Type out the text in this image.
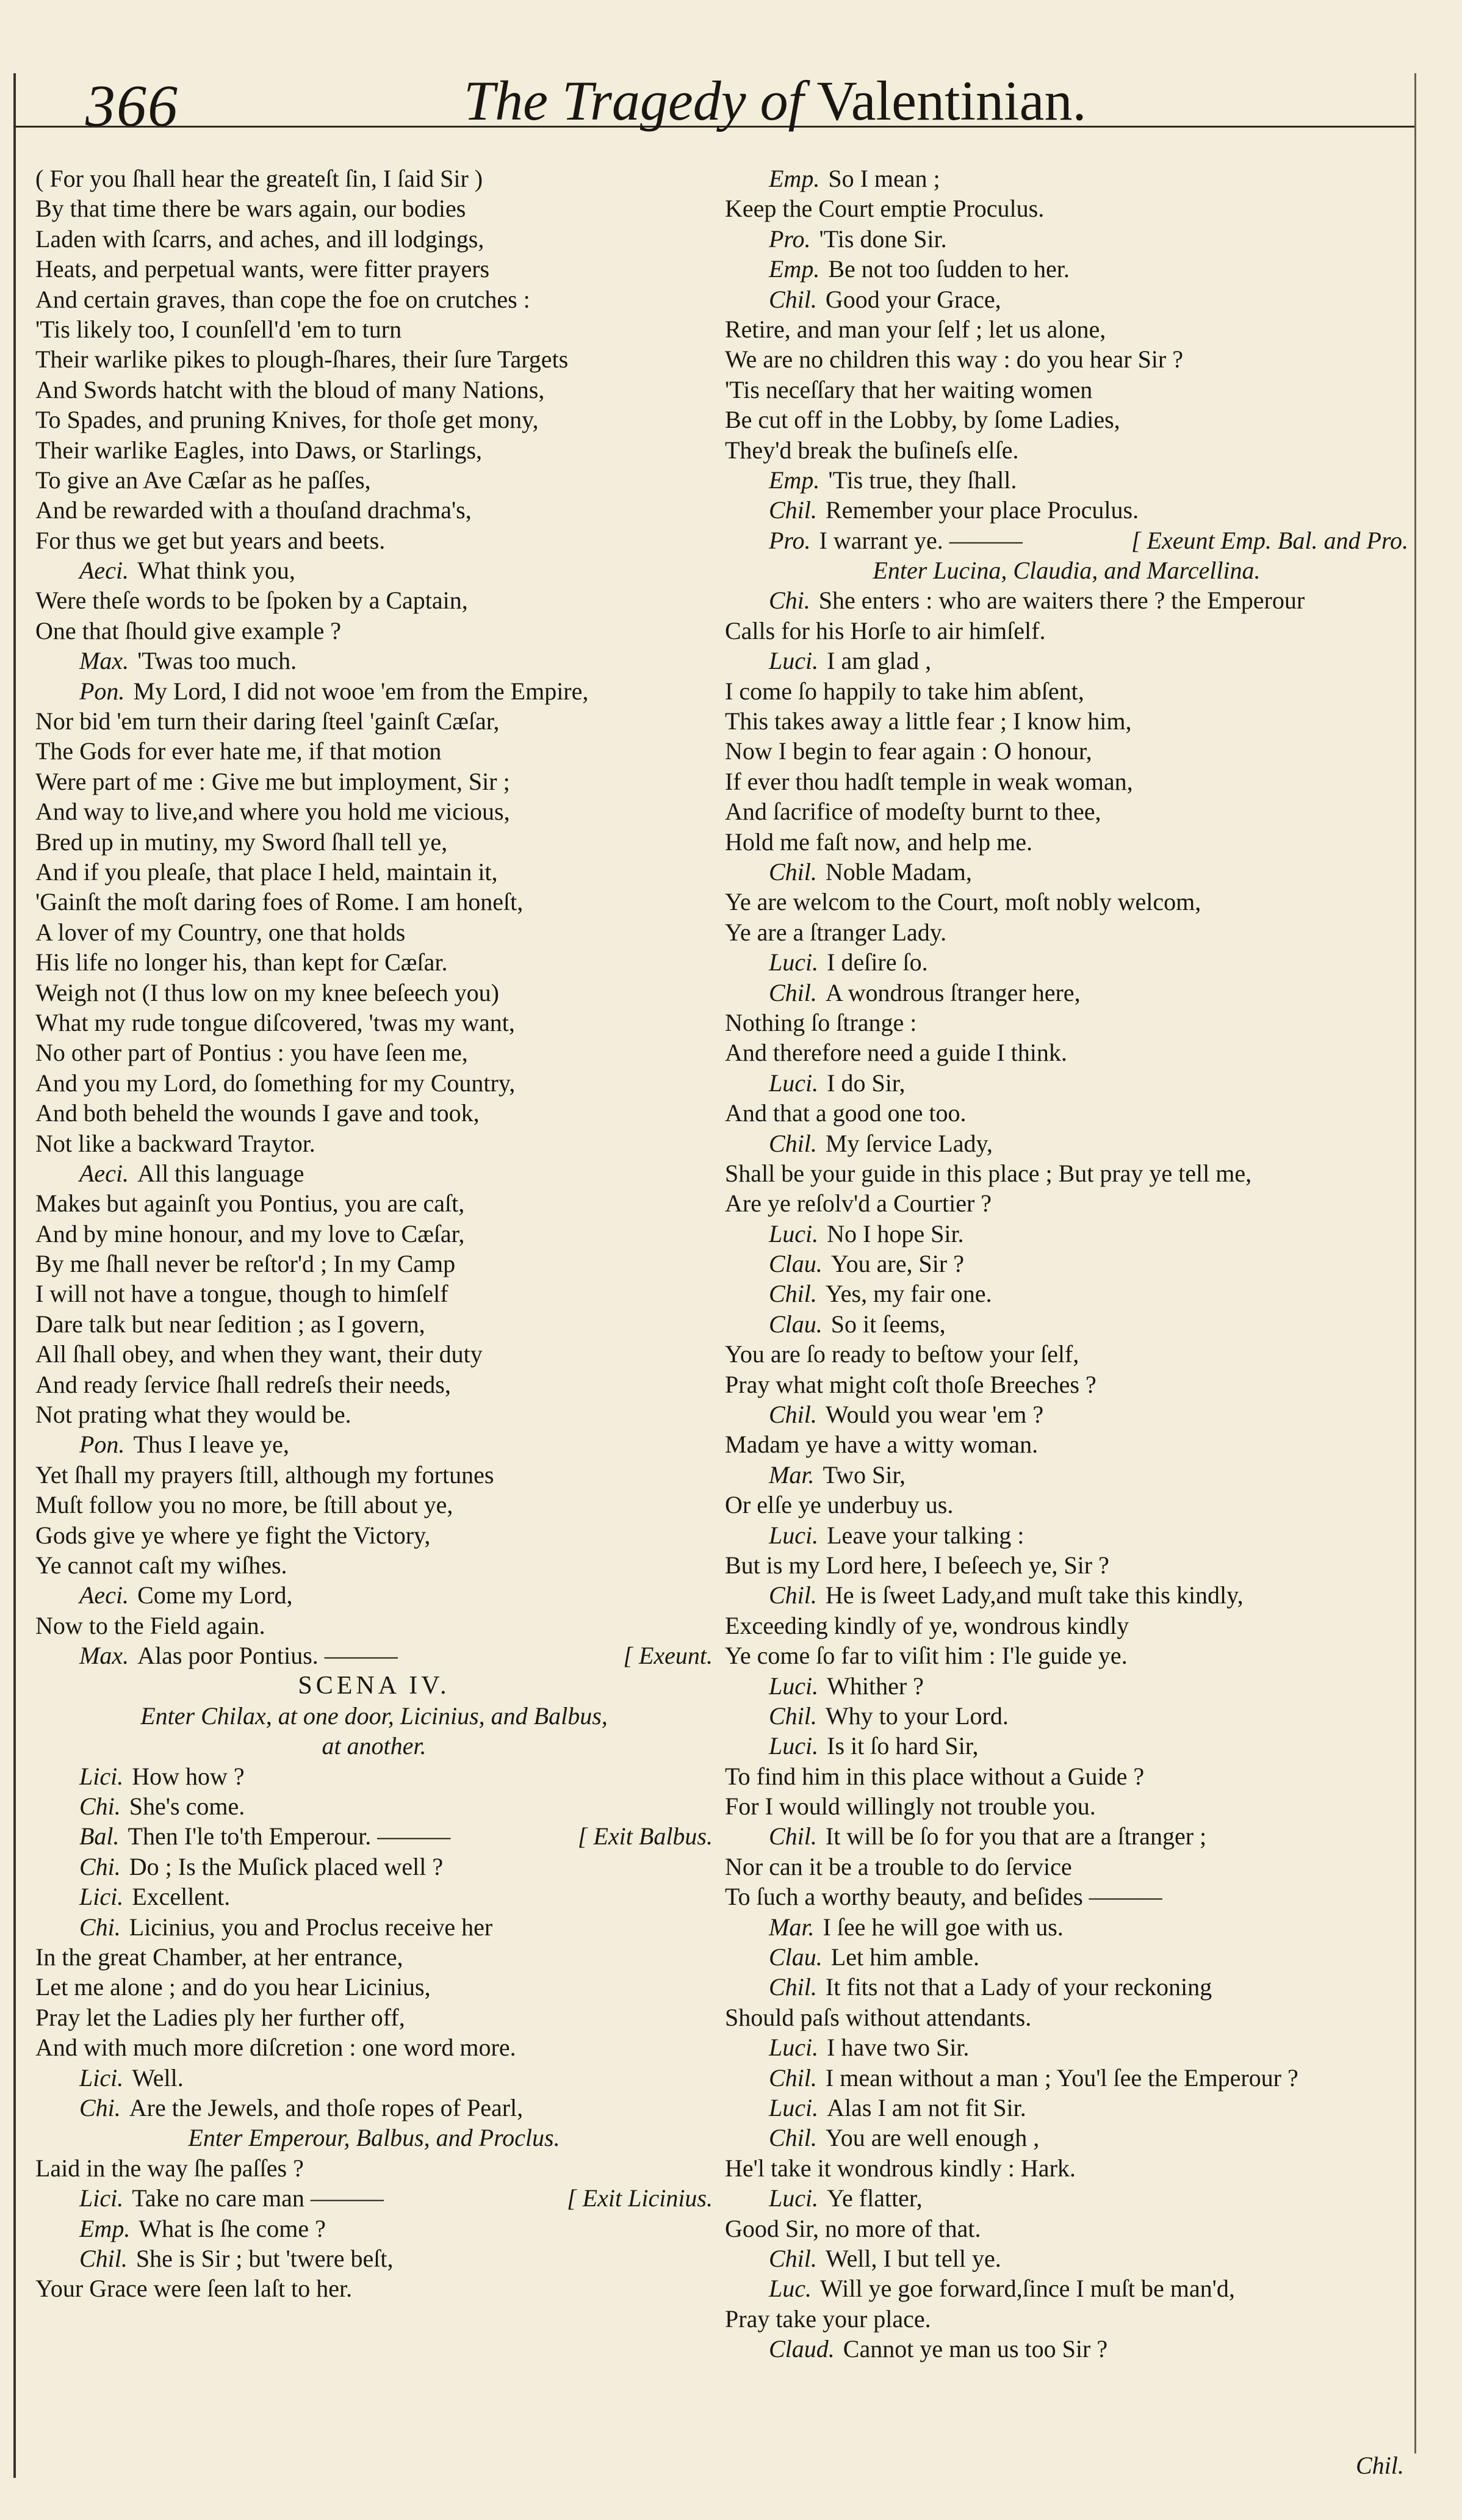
366	The Tragedy of Valentinian.
( For you ſhall hear the greateſt ſin, I ſaid Sir )
By that time there be wars again, our bodies
Laden with ſcarrs, and aches, and ill lodgings,
Heats, and perpetual wants, were fitter prayers
And certain graves, than cope the foe on crutches :
'Tis likely too, I counſell'd 'em to turn
Their warlike pikes to plough-ſhares, their ſure Targets
And Swords hatcht with the bloud of many Nations,
To Spades, and pruning Knives, for thoſe get mony,
Their warlike Eagles, into Daws, or Starlings,
To give an Ave Cæſar as he paſſes,
And be rewarded with a thouſand drachma's,
For thus we get but years and beets.
Aeci. What think you,
Were theſe words to be ſpoken by a Captain,
One that ſhould give example ?
Max. 'Twas too much.
Pon. My Lord, I did not wooe 'em from the Empire,
Nor bid 'em turn their daring ſteel 'gainſt Cæſar,
The Gods for ever hate me, if that motion
Were part of me : Give me but imployment, Sir ;
And way to live,and where you hold me vicious,
Bred up in mutiny, my Sword ſhall tell ye,
And if you pleaſe, that place I held, maintain it,
'Gainſt the moſt daring foes of Rome. I am honeſt,
A lover of my Country, one that holds
His life no longer his, than kept for Cæſar.
Weigh not (I thus low on my knee beſeech you)
What my rude tongue diſcovered, 'twas my want,
No other part of Pontius : you have ſeen me,
And you my Lord, do ſomething for my Country,
And both beheld the wounds I gave and took,
Not like a backward Traytor.
Aeci. All this language
Makes but againſt you Pontius, you are caſt,
And by mine honour, and my love to Cæſar,
By me ſhall never be reſtor'd ; In my Camp
I will not have a tongue, though to himſelf
Dare talk but near ſedition ; as I govern,
All ſhall obey, and when they want, their duty
And ready ſervice ſhall redreſs their needs,
Not prating what they would be.
Pon. Thus I leave ye,
Yet ſhall my prayers ſtill, although my fortunes
Muſt follow you no more, be ſtill about ye,
Gods give ye where ye fight the Victory,
Ye cannot caſt my wiſhes.
Aeci. Come my Lord,
Now to the Field again.
Max. Alas poor Pontius. ———	[ Exeunt.
SCENA IV.
Enter Chilax, at one door, Licinius, and Balbus,
at another.
Lici. How how ?
Chi. She's come.
Bal. Then I'le to'th Emperour. ———	[ Exit Balbus.
Chi. Do ; Is the Muſick placed well ?
Lici. Excellent.
Chi. Licinius, you and Proclus receive her
In the great Chamber, at her entrance,
Let me alone ; and do you hear Licinius,
Pray let the Ladies ply her further off,
And with much more diſcretion : one word more.
Lici. Well.
Chi. Are the Jewels, and thoſe ropes of Pearl,
Enter Emperour, Balbus, and Proclus.
Laid in the way ſhe paſſes ?
Lici. Take no care man ———	[ Exit Licinius.
Emp. What is ſhe come ?
Chil. She is Sir ; but 'twere beſt,
Your Grace were ſeen laſt to her.
Emp. So I mean ;
Keep the Court emptie Proculus.
Pro. 'Tis done Sir.
Emp. Be not too ſudden to her.
Chil. Good your Grace,
Retire, and man your ſelf ; let us alone,
We are no children this way : do you hear Sir ?
'Tis neceſſary that her waiting women
Be cut off in the Lobby, by ſome Ladies,
They'd break the buſineſs elſe.
Emp. 'Tis true, they ſhall.
Chil. Remember your place Proculus.
Pro. I warrant ye. ———	[ Exeunt Emp. Bal. and Pro.
Enter Lucina, Claudia, and Marcellina.
Chi. She enters : who are waiters there ? the Emperour
Calls for his Horſe to air himſelf.
Luci. I am glad ,
I come ſo happily to take him abſent,
This takes away a little fear ; I know him,
Now I begin to fear again : O honour,
If ever thou hadſt temple in weak woman,
And ſacrifice of modeſty burnt to thee,
Hold me faſt now, and help me.
Chil. Noble Madam,
Ye are welcom to the Court, moſt nobly welcom,
Ye are a ſtranger Lady.
Luci. I deſire ſo.
Chil. A wondrous ſtranger here,
Nothing ſo ſtrange :
And therefore need a guide I think.
Luci. I do Sir,
And that a good one too.
Chil. My ſervice Lady,
Shall be your guide in this place ; But pray ye tell me,
Are ye reſolv'd a Courtier ?
Luci. No I hope Sir.
Clau. You are, Sir ?
Chil. Yes, my fair one.
Clau. So it ſeems,
You are ſo ready to beſtow your ſelf,
Pray what might coſt thoſe Breeches ?
Chil. Would you wear 'em ?
Madam ye have a witty woman.
Mar. Two Sir,
Or elſe ye underbuy us.
Luci. Leave your talking :
But is my Lord here, I beſeech ye, Sir ?
Chil. He is ſweet Lady,and muſt take this kindly,
Exceeding kindly of ye, wondrous kindly
Ye come ſo far to viſit him : I'le guide ye.
Luci. Whither ?
Chil. Why to your Lord.
Luci. Is it ſo hard Sir,
To find him in this place without a Guide ?
For I would willingly not trouble you.
Chil. It will be ſo for you that are a ſtranger ;
Nor can it be a trouble to do ſervice
To ſuch a worthy beauty, and beſides ———
Mar. I ſee he will goe with us.
Clau. Let him amble.
Chil. It fits not that a Lady of your reckoning
Should paſs without attendants.
Luci. I have two Sir.
Chil. I mean without a man ; You'l ſee the Emperour ?
Luci. Alas I am not fit Sir.
Chil. You are well enough ,
He'l take it wondrous kindly : Hark.
Luci. Ye flatter,
Good Sir, no more of that.
Chil. Well, I but tell ye.
Luc. Will ye goe forward,ſince I muſt be man'd,
Pray take your place.
Claud. Cannot ye man us too Sir ?
Chil.
